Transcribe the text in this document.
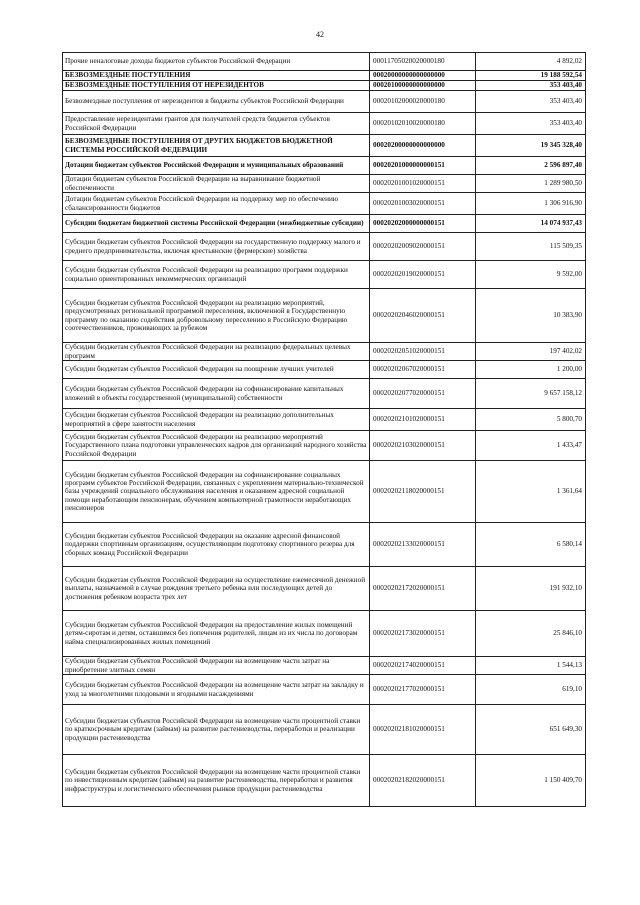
42
Прочие неналоговые доходы бюджетов субъектов Российской Федерации	00011705020020000180	4 892,02
БЕЗВОЗМЕЗДНЫЕ ПОСТУПЛЕНИЯ	00020000000000000000	19 188 592,54
БЕЗВОЗМЕЗДНЫЕ ПОСТУПЛЕНИЯ ОТ НЕРЕЗИДЕНТОВ	00020100000000000000	353 403,40
Безвозмездные поступления от нерезидентов в бюджеты субъектов Российской Федерации	00020102000020000180	353 403,40
Предоставление нерезидентами грантов для получателей средств бюджетов субъектов Российской Федерации	00020102010020000180	353 403,40
БЕЗВОЗМЕЗДНЫЕ ПОСТУПЛЕНИЯ ОТ ДРУГИХ БЮДЖЕТОВ БЮДЖЕТНОЙ СИСТЕМЫ РОССИЙСКОЙ ФЕДЕРАЦИИ	00020200000000000000	19 345 328,40
Дотации бюджетам субъектов Российской Федерации и муниципальных образований	00020201000000000151	2 596 897,40
Дотации бюджетам субъектов Российской Федерации на выравнивание бюджетной обеспеченности	00020201001020000151	1 289 980,50
Дотации бюджетам субъектов Российской Федерации на поддержку мер по обеспечению сбалансированности бюджетов	00020201003020000151	1 306 916,90
Субсидии бюджетам бюджетной системы Российской Федерации (межбюджетные субсидии)	00020202000000000151	14 074 937,43
Субсидии бюджетам субъектов Российской Федерации на государственную поддержку малого и среднего предпринимательства, включая крестьянские (фермерские) хозяйства	00020202009020000151	115 509,35
Субсидии бюджетам субъектов Российской Федерации на реализацию программ поддержки социально ориентированных некоммерческих организаций	00020202019020000151	9 592,00
Субсидии бюджетам субъектов Российской Федерации на реализацию мероприятий, предусмотренных региональной программой переселения, включенной в Государственную программу по оказанию содействия добровольному переселению в Российскую Федерацию соотечественников, проживающих за рубежом	00020202046020000151	10 383,90
Субсидии бюджетам субъектов Российской Федерации на реализацию федеральных целевых программ	00020202051020000151	197 402,02
Субсидии бюджетам субъектов Российской Федерации на поощрение лучших учителей	00020202067020000151	1 200,00
Субсидии бюджетам субъектов Российской Федерации на софинансирование капитальных вложений в объекты государственной (муниципальной) собственности	00020202077020000151	9 657 158,12
Субсидии бюджетам субъектов Российской Федерации на реализацию дополнительных мероприятий в сфере занятости населения	00020202101020000151	5 800,70
Субсидии бюджетам субъектов Российской Федерации на реализацию мероприятий Государственного плана подготовки управленческих кадров для организаций народного хозяйства Российской Федерации	00020202103020000151	1 433,47
Субсидии бюджетам субъектов Российской Федерации на софинансирование социальных программ субъектов Российской Федерации, связанных с укреплением материально-технической базы учреждений социального обслуживания населения и оказанием адресной социальной помощи неработающим пенсионерам, обучением компьютерной грамотности неработающих пенсионеров	00020202118020000151	1 361,64
Субсидии бюджетам субъектов Российской Федерации на оказание адресной финансовой поддержки спортивным организациям, осуществляющим подготовку спортивного резерва для сборных команд Российской Федерации	00020202133020000151	6 580,14
Субсидии бюджетам субъектов Российской Федерации на осуществление ежемесячной денежной выплаты, назначаемой в случае рождения третьего ребенка или последующих детей до достижения ребенком возраста трех лет	00020202172020000151	191 932,10
Субсидии бюджетам субъектов Российской Федерации на предоставление жилых помещений детям-сиротам и детям, оставшимся без попечения родителей, лицам из их числа по договорам найма специализированных жилых помещений	00020202173020000151	25 846,10
Субсидии бюджетам субъектов Российской Федерации на возмещение части затрат на приобретение элитных семян	00020202174020000151	1 544,13
Субсидии бюджетам субъектов Российской Федерации на возмещение части затрат на закладку и уход за многолетними плодовыми и ягодными насаждениями	00020202177020000151	619,10
Субсидии бюджетам субъектов Российской Федерации на возмещение части процентной ставки по краткосрочным кредитам (займам) на развитие растениеводства, переработки и реализации продукции растениеводства	00020202181020000151	651 649,30
Субсидии бюджетам субъектов Российской Федерации на возмещение части процентной ставки по инвестиционным кредитам (займам) на развитие растениеводства, переработки и развития инфраструктуры и логистического обеспечения рынков продукции растениеводства	00020202182020000151	1 150 409,70
